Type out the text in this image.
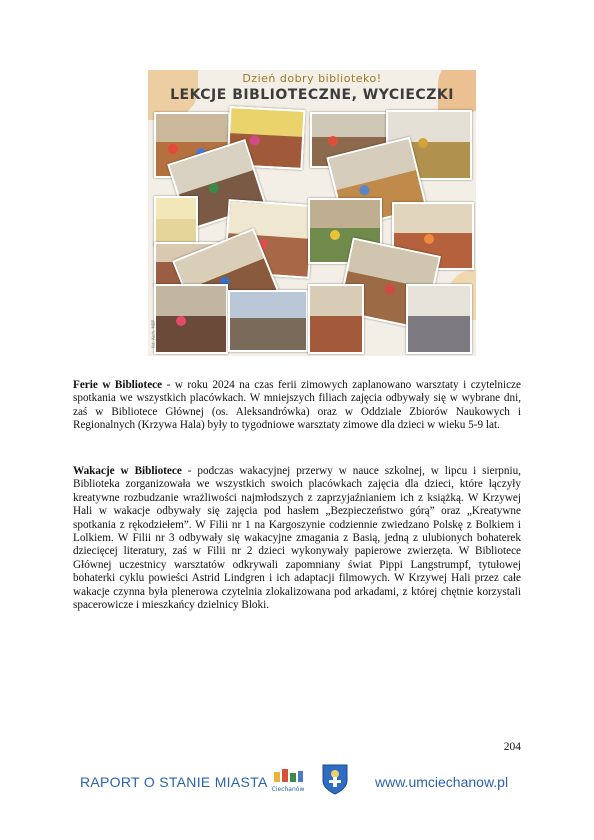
Dzień dobry biblioteko!
LEKCJE BIBLIOTECZNE, WYCIECZKI
fot. Arch. MBP
Ferie w Bibliotece - w roku 2024 na czas ferii zimowych zaplanowano warsztaty i czytelnicze spotkania we wszystkich placówkach. W mniejszych filiach zajęcia odbywały się w wybrane dni, zaś w Bibliotece Głównej (os. Aleksandrówka) oraz w Oddziale Zbiorów Naukowych i Regionalnych (Krzywa Hala) były to tygodniowe warsztaty zimowe dla dzieci w wieku 5-9 lat.
Wakacje w Bibliotece - podczas wakacyjnej przerwy w nauce szkolnej, w lipcu i sierpniu, Biblioteka zorganizowała we wszystkich swoich placówkach zajęcia dla dzieci, które łączyły kreatywne rozbudzanie wrażliwości najmłodszych z zaprzyjaźnianiem ich z książką. W Krzywej Hali w wakacje odbywały się zajęcia pod hasłem „Bezpieczeństwo górą” oraz „Kreatywne spotkania z rękodziełem”. W Filii nr 1 na Kargoszynie codziennie zwiedzano Polskę z Bolkiem i Lolkiem. W Filii nr 3 odbywały się wakacyjne zmagania z Basią, jedną z ulubionych bohaterek dziecięcej literatury, zaś w Filii nr 2 dzieci wykonywały papierowe zwierzęta. W Bibliotece Głównej uczestnicy warsztatów odkrywali zapomniany świat Pippi Langstrumpf, tytułowej bohaterki cyklu powieści Astrid Lindgren i ich adaptacji filmowych. W Krzywej Hali przez całe wakacje czynna była plenerowa czytelnia zlokalizowana pod arkadami, z której chętnie korzystali spacerowicze i mieszkańcy dzielnicy Bloki.
204
RAPORT O STANIE MIASTA Ciechanów	www.umciechanow.pl
